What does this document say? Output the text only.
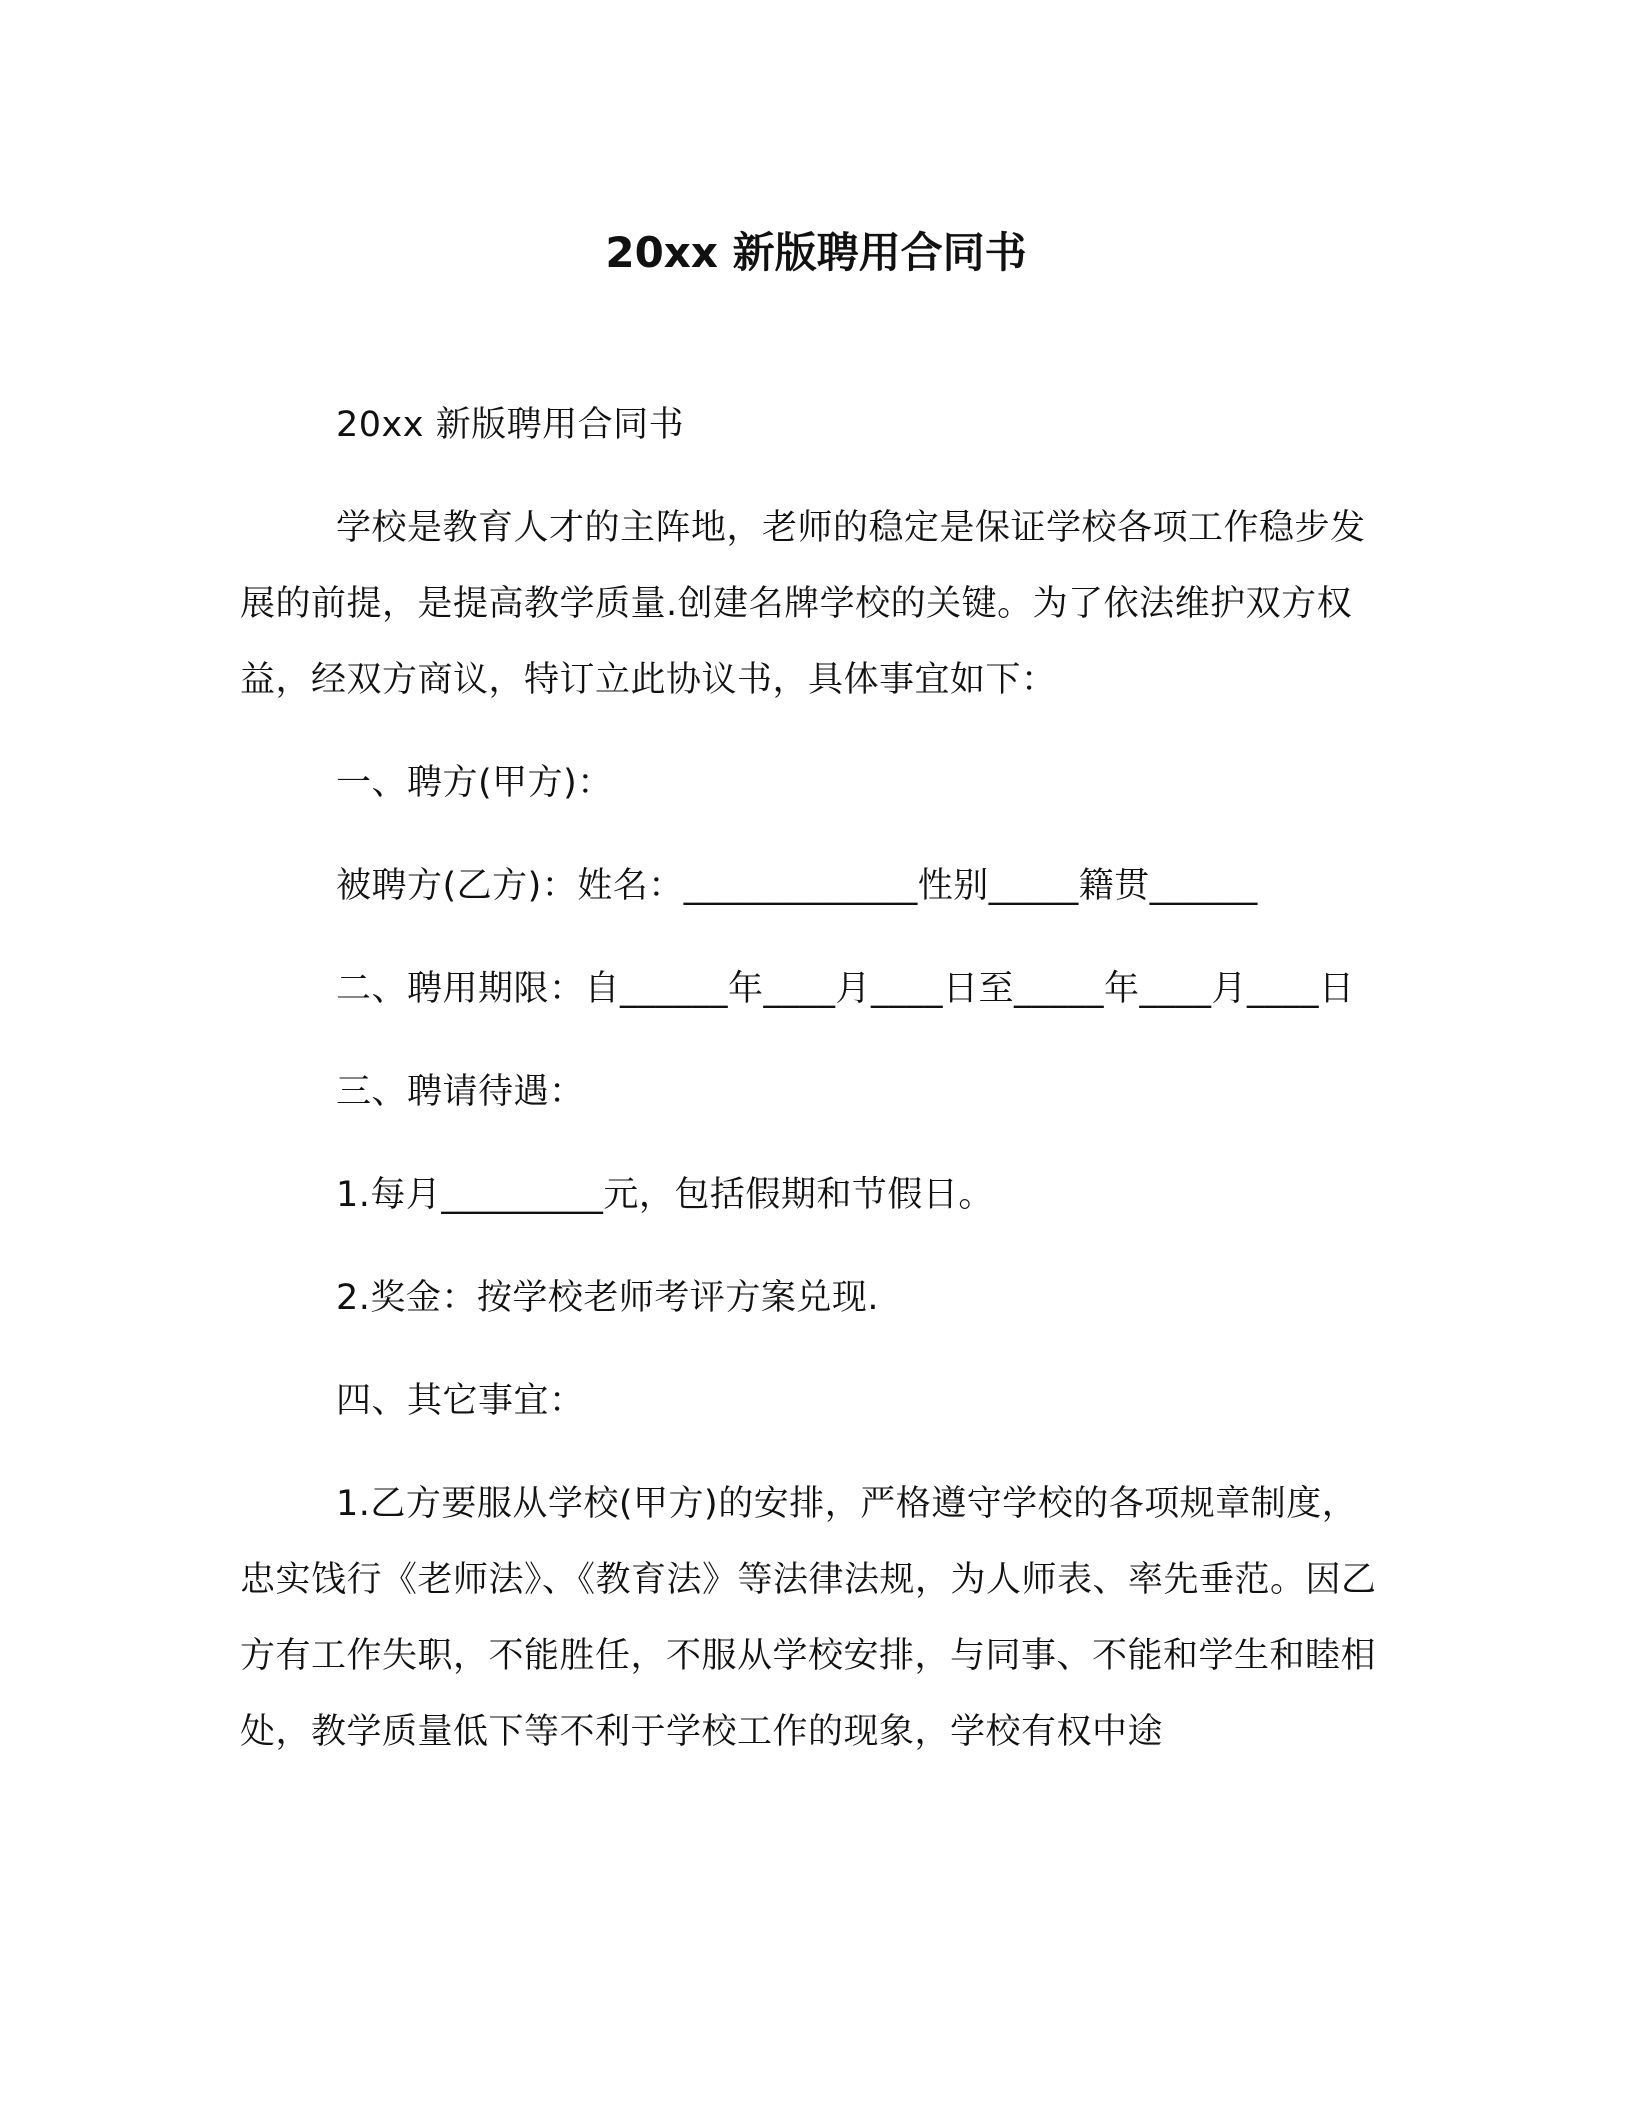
20xx 新版聘用合同书

20xx 新版聘用合同书

学校是教育人才的主阵地，老师的稳定是保证学校各项工作稳步发展的前提，是提高教学质量.创建名牌学校的关键。为了依法维护双方权益，经双方商议，特订立此协议书，具体事宜如下：

一、聘方(甲方)：

被聘方(乙方)：姓名：_____________性别_____籍贯______

二、聘用期限：自______年____月____日至_____年____月____日

三、聘请待遇：

1.每月_________元，包括假期和节假日。

2.奖金：按学校老师考评方案兑现.

四、其它事宜：

1.乙方要服从学校(甲方)的安排，严格遵守学校的各项规章制度，忠实饯行《老师法》、《教育法》等法律法规，为人师表、率先垂范。因乙方有工作失职，不能胜任，不服从学校安排，与同事、不能和学生和睦相处，教学质量低下等不利于学校工作的现象，学校有权中途
